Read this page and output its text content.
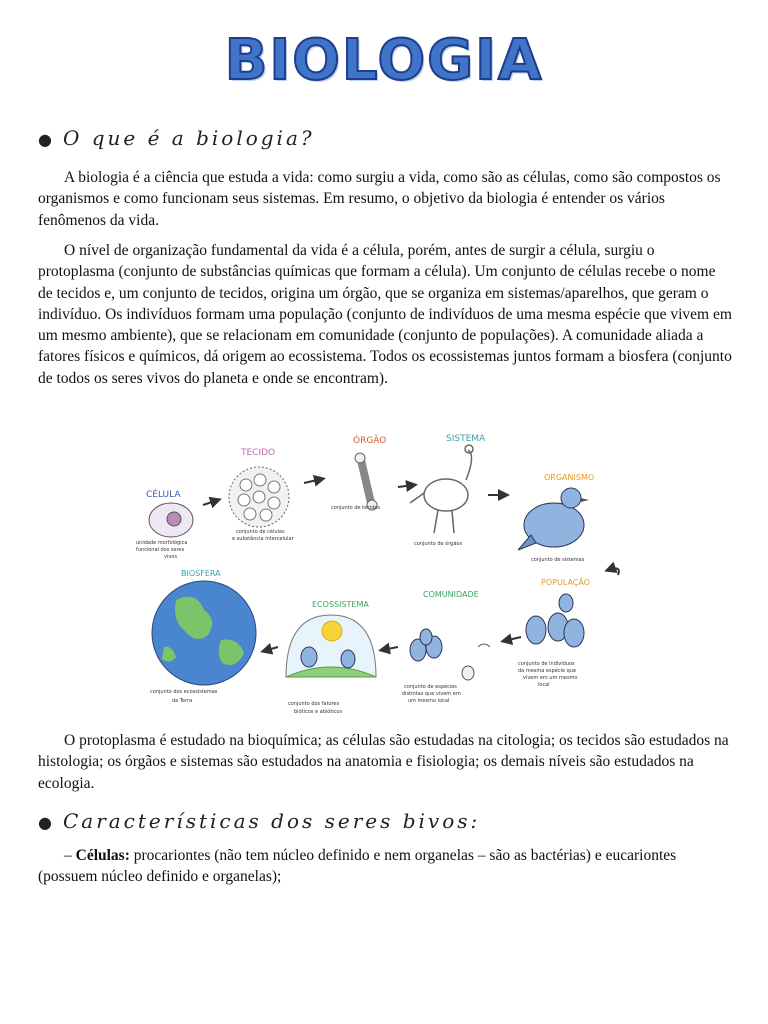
BIOLOGIA
● O que é a biologia?

A biologia é a ciência que estuda a vida: como surgiu a vida, como são as células, como são compostos os organismos e como funcionam seus sistemas. Em resumo, o objetivo da biologia é entender os vários fenômenos da vida.

O nível de organização fundamental da vida é a célula, porém, antes de surgir a célula, surgiu o protoplasma (conjunto de substâncias químicas que formam a célula). Um conjunto de células recebe o nome de tecidos e, um conjunto de tecidos, origina um órgão, que se organiza em sistemas/aparelhos, que geram o indivíduo. Os indivíduos formam uma população (conjunto de indivíduos de uma mesma espécie que vivem em um mesmo ambiente), que se relacionam em comunidade (conjunto de populações). A comunidade aliada a fatores físicos e químicos, dá origem ao ecossistema. Todos os ecossistemas juntos formam a biosfera (conjunto de todos os seres vivos do planeta e onde se encontram).

CÉLULA
unidade morfológica
funcional dos seres
vivos
TECIDO
conjunto de células
e substância intercelular
ÓRGÃO
conjunto de tecidos
SISTEMA
conjunto de órgãos
ORGANISMO
conjunto de sistemas
POPULAÇÃO
conjunto de indivíduos
da mesma espécie que
vivem em um mesmo
local
COMUNIDADE
conjunto de espécies
distintas que vivem em
um mesmo local
ECOSSISTEMA
conjunto dos fatores
bióticos e abióticos
BIOSFERA
conjunto dos ecossistemas
da Terra

O protoplasma é estudado na bioquímica; as células são estudadas na citologia; os tecidos são estudados na histologia; os órgãos e sistemas são estudados na anatomia e fisiologia; os demais níveis são estudados na ecologia.

● Características dos seres bivos:

– Células: procariontes (não tem núcleo definido e nem organelas – são as bactérias) e eucariontes (possuem núcleo definido e organelas);
